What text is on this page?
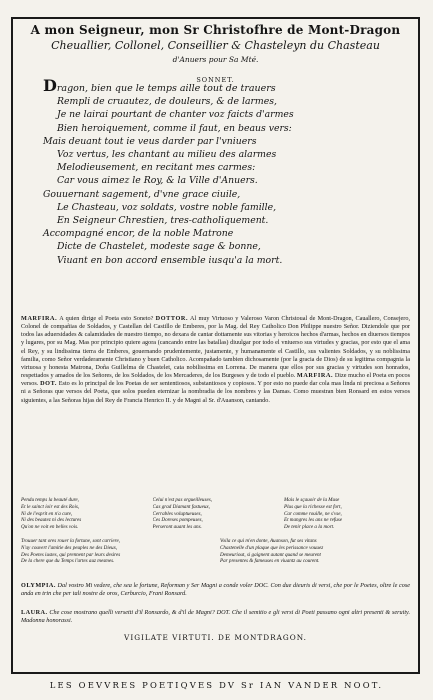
A mon Seigneur, mon Sr Christofhre de Mont-Dragon

Cheuallier, Collonel, Conseillier & Chasteleyn du Chasteau

d'Anuers pour Sa Mté.

SONNET.

Dragon, bien que le temps aille tout de trauers
Rempli de cruautez, de douleurs, & de larmes,
Je ne lairai pourtant de chanter voz faicts d'armes
Bien heroiquement, comme il faut, en beaus vers:
Mais deuant tout ie veus darder par l'vniuers
Voz vertus, les chantant au milieu des alarmes
Melodieusement, en recitant mes carmes:
Car vous aimez le Roy, & la Ville d'Anuers.
Gouuernant sagement, d'vne grace ciuile,
Le Chasteau, voz soldats, vostre noble famille,
En Seigneur Chrestien, tres-catholiquement.
Accompagné encor, de la noble Matrone
Dicte de Chastelet, modeste sage & bonne,
Viuant en bon accord ensemble iusqu'a la mort.

MARFIRA. A quien dirige el Poeta esto Soneto? DOTTOR. Al muy Virtuoso y Valeroso Varon Christoual de Mont-Dragon, Cauallero, Consejero, Colonel de compañias de Soldados, y Castellan del Castillo de Emberes, por la Mag. del Rey Catholico Don Philippe nuestro Señor. Diziendole que por todos las aduersidades & calamidades de nuestro tiempo, no dexara de cantar dottamente sus vitorias y heroicos hechos d'armas, hechos en diuersos tiempos y lugares, por su Mag. Mas por principio quiere agora (cancando entre las batallas) diuulgar por todo el vniuerso sus virtudes y gracias, por esto que el ama el Rey, y su lindissima tierra de Emberes, gouernando prudentemente, justamente, y humanamente el Castillo, sus valientes Soldados, y su noblissima familia, como Señor verdaderamente Christiano y buen Catholico. Acompañado tambien dichosamente (por la gracia de Dios) de su legitima compagnia la virtuosa y honesta Matrona, Doña Guillelma de Chastelet, cata nobilissima en Lorrena. De manera que ellos por sus gracias y virtudes son honrados, respettados y amados de los Señores, de los Soldados, de los Mercaderes, de los Burgeses y de todo el pueblo. MARFIRA. Dize mucho el Poeta en pocos versos. DOT. Esto es lo principal de los Poetas de ser sententiosos, substantiosos y copiosos. Y por esto no puede dar cola mas linda ni preciosa a Señores ni a Señoras que versos del Poeta, que solos pueden eternizar la nombradia de los nombres y las Damas. Como muestran bien Ronsard en estos versos siguientes, a las Señoras hijas del Rey de Francia Henrico II. y de Magni al Sr. d'Auanson, cantando.

Pendu temps la beauté dure,
Et le sainct ioir est des Rois,
Ni de l'esprit en n'a cure,
Ni des beautez ni des lectures
Qu'on ne voit en belles vois.
Celui n'est pas orgueilleuses,
Cas grad Diamant fastueux,
Cerrables voluptueuses,
Ces Doreses pompeuses,
Perseront auant les ans.
Mais le sçauoir de la Muse
Plus que la richesse est fort,
Car comme rouille, ne s'vse,
Et mangres les ans ne refuse
De tenir place a la mort.
Trouuer tant ores rouer la fortune, sont carriere,
N'ay couvert l'amitie des peuples ne des Dieux,
Des Poetes iustes, qui prennent par leurs desires
De la chere que du Temps l'artes auz mesmes.
Voila ce qui m'en donte, Auanson, fut ses vitans
Chastenelle d'un plaque que les perissance vouuez
Demeuriout, si gaignent autant quand se meurent
Par presentes & fameuses en viuantz au courent.

OLYMPIA. Dal vostro Mi vedere, che sea le fortune, Reforman y Ser Magni a conde voler DOC. Con due dieuris di versi, che por le Poetes, oltre le cose anda en trin che per tali nostre de oros, Cerburcio, Frani Ronsard.

LAURA. Che cose mostrano quelli versetti d'il Ronsardo, & d'il de Magni? DOT. Che il semitio e gli versi di Poeti passano ogni altri presenti & seruity. Madonna honorassi.

VIGILATE VIRTUTI. DE MONTDRAGON.

LES OEVVRES POETIQVES DV Sr IAN VANDER NOOT.
